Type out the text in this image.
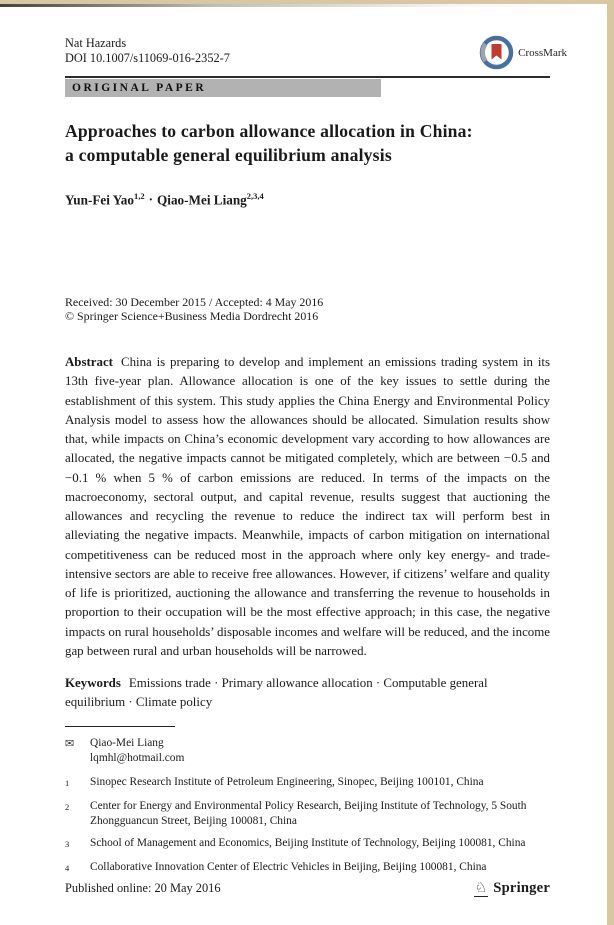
Nat Hazards
DOI 10.1007/s11069-016-2352-7	CrossMark
ORIGINAL PAPER
Approaches to carbon allowance allocation in China:
a computable general equilibrium analysis
Yun-Fei Yao$^{1,2}$ · Qiao-Mei Liang$^{2,3,4}$
Received: 30 December 2015 / Accepted: 4 May 2016
© Springer Science+Business Media Dordrecht 2016

Abstract China is preparing to develop and implement an emissions trading system in its 13th five-year plan. Allowance allocation is one of the key issues to settle during the establishment of this system. This study applies the China Energy and Environmental Policy Analysis model to assess how the allowances should be allocated. Simulation results show that, while impacts on China’s economic development vary according to how allowances are allocated, the negative impacts cannot be mitigated completely, which are between −0.5 and −0.1 % when 5 % of carbon emissions are reduced. In terms of the impacts on the macroeconomy, sectoral output, and capital revenue, results suggest that auctioning the allowances and recycling the revenue to reduce the indirect tax will perform best in alleviating the negative impacts. Meanwhile, impacts of carbon mitigation on international competitiveness can be reduced most in the approach where only key energy- and trade-intensive sectors are able to receive free allowances. However, if citizens’ welfare and quality of life is prioritized, auctioning the allowance and transferring the revenue to households in proportion to their occupation will be the most effective approach; in this case, the negative impacts on rural households’ disposable incomes and welfare will be reduced, and the income gap between rural and urban households will be narrowed.

Keywords Emissions trade · Primary allowance allocation · Computable general equilibrium · Climate policy

✉	Qiao-Mei Liang
lqmhl@hotmail.com
1	Sinopec Research Institute of Petroleum Engineering, Sinopec, Beijing 100101, China
2	Center for Energy and Environmental Policy Research, Beijing Institute of Technology, 5 South Zhongguancun Street, Beijing 100081, China
3	School of Management and Economics, Beijing Institute of Technology, Beijing 100081, China
4	Collaborative Innovation Center of Electric Vehicles in Beijing, Beijing 100081, China
Published online: 20 May 2016	♘ Springer
